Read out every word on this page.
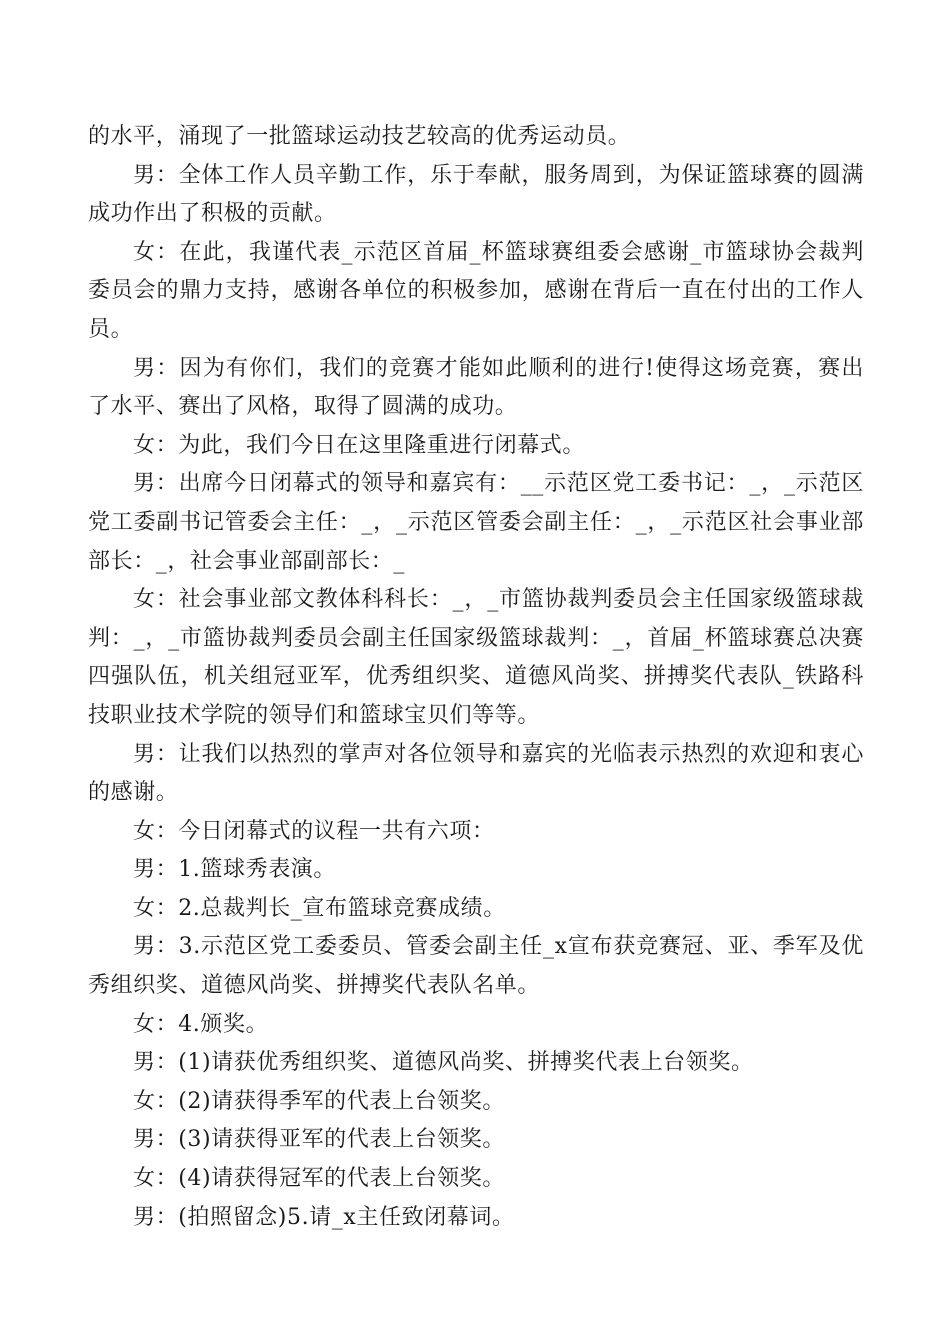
的水平，涌现了一批篮球运动技艺较高的优秀运动员。

男：全体工作人员辛勤工作，乐于奉献，服务周到，为保证篮球赛的圆满成功作出了积极的贡献。

女：在此，我谨代表_示范区首届_杯篮球赛组委会感谢_市篮球协会裁判委员会的鼎力支持，感谢各单位的积极参加，感谢在背后一直在付出的工作人员。

男：因为有你们，我们的竞赛才能如此顺利的进行!使得这场竞赛，赛出了水平、赛出了风格，取得了圆满的成功。

女：为此，我们今日在这里隆重进行闭幕式。

男：出席今日闭幕式的领导和嘉宾有：__示范区党工委书记：_，_示范区党工委副书记管委会主任：_，_示范区管委会副主任：_，_示范区社会事业部部长：_，社会事业部副部长：_

女：社会事业部文教体科科长：_，_市篮协裁判委员会主任国家级篮球裁判：_，_市篮协裁判委员会副主任国家级篮球裁判：_，首届_杯篮球赛总决赛四强队伍，机关组冠亚军，优秀组织奖、道德风尚奖、拼搏奖代表队_铁路科技职业技术学院的领导们和篮球宝贝们等等。

男：让我们以热烈的掌声对各位领导和嘉宾的光临表示热烈的欢迎和衷心的感谢。

女：今日闭幕式的议程一共有六项：

男：1.篮球秀表演。

女：2.总裁判长_宣布篮球竞赛成绩。

男：3.示范区党工委委员、管委会副主任_x宣布获竞赛冠、亚、季军及优秀组织奖、道德风尚奖、拼搏奖代表队名单。

女：4.颁奖。

男：(1)请获优秀组织奖、道德风尚奖、拼搏奖代表上台领奖。

女：(2)请获得季军的代表上台领奖。

男：(3)请获得亚军的代表上台领奖。

女：(4)请获得冠军的代表上台领奖。

男：(拍照留念)5.请_x主任致闭幕词。
